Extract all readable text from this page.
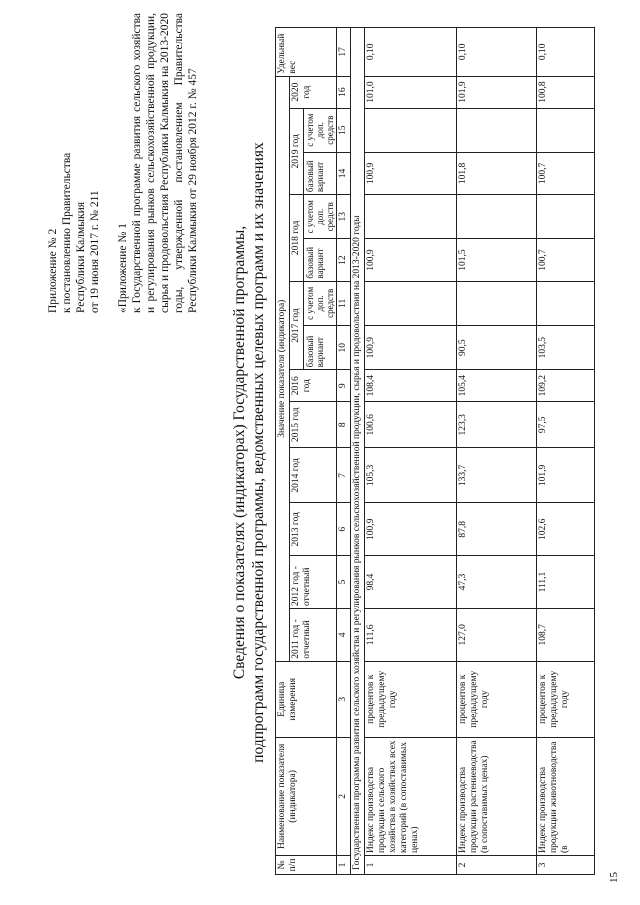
15
Приложение № 2 к постановлению Правительства Республики Калмыкия от 19 июня 2017 г. № 211 «Приложение № 1 к Государственной программе развития сельского хозяйства и регулирования рынков сельскохозяйственной продукции, сырья и продовольствия Республики Калмыкия на 2013-2020 годы, утвержденной постановлением Правительства Республики Калмыкия от 29 ноября 2012 г. № 457
Сведения о показателях (индикаторах) Государственной программы, подпрограмм государственной программы, ведомственных целевых программ и их значениях
№ п/п	Наименование показателя (индикатора)	Единица измерения	Значение показателя (индикатора)													Удельный вес
			2011 год - отчетный	2012 год - отчетный	2013 год	2014 год	2015 год	2016 год	2017 год		2018 год		2019 год		2020 год	
									базовый вариант	с учетом доп. средств	базовый вариант	с учетом доп. средств	базовый вариант	с учетом доп. средств		
1	2	3	4	5	6	7	8	9	10	11	12	13	14	15	16	17
Государственная программа развития сельского хозяйства и регулирования рынков сельскохозяйственной продукции, сырья и продовольствия на 2013-2020 годы																
1	Индекс производства продукции сельского хозяйства в хозяйствах всех категорий (в сопоставимых ценах)	процентов к предыдущему году	111,6	98,4	100,9	105,3	100,6	108,4	100,9		100,9		100,9		101,0	0,10
2	Индекс производства продукции растениеводства (в сопоставимых ценах)	процентов к предыдущему году	127,0	47,3	87,8	133,7	123,3	105,4	90,5		101,5		101,8		101,9	0,10
3	Индекс производства продукции животноводства (в	процентов к предыдущему году	108,7	111,1	102,6	101,9	97,5	109,2	103,5		100,7		100,7		100,8	0,10
